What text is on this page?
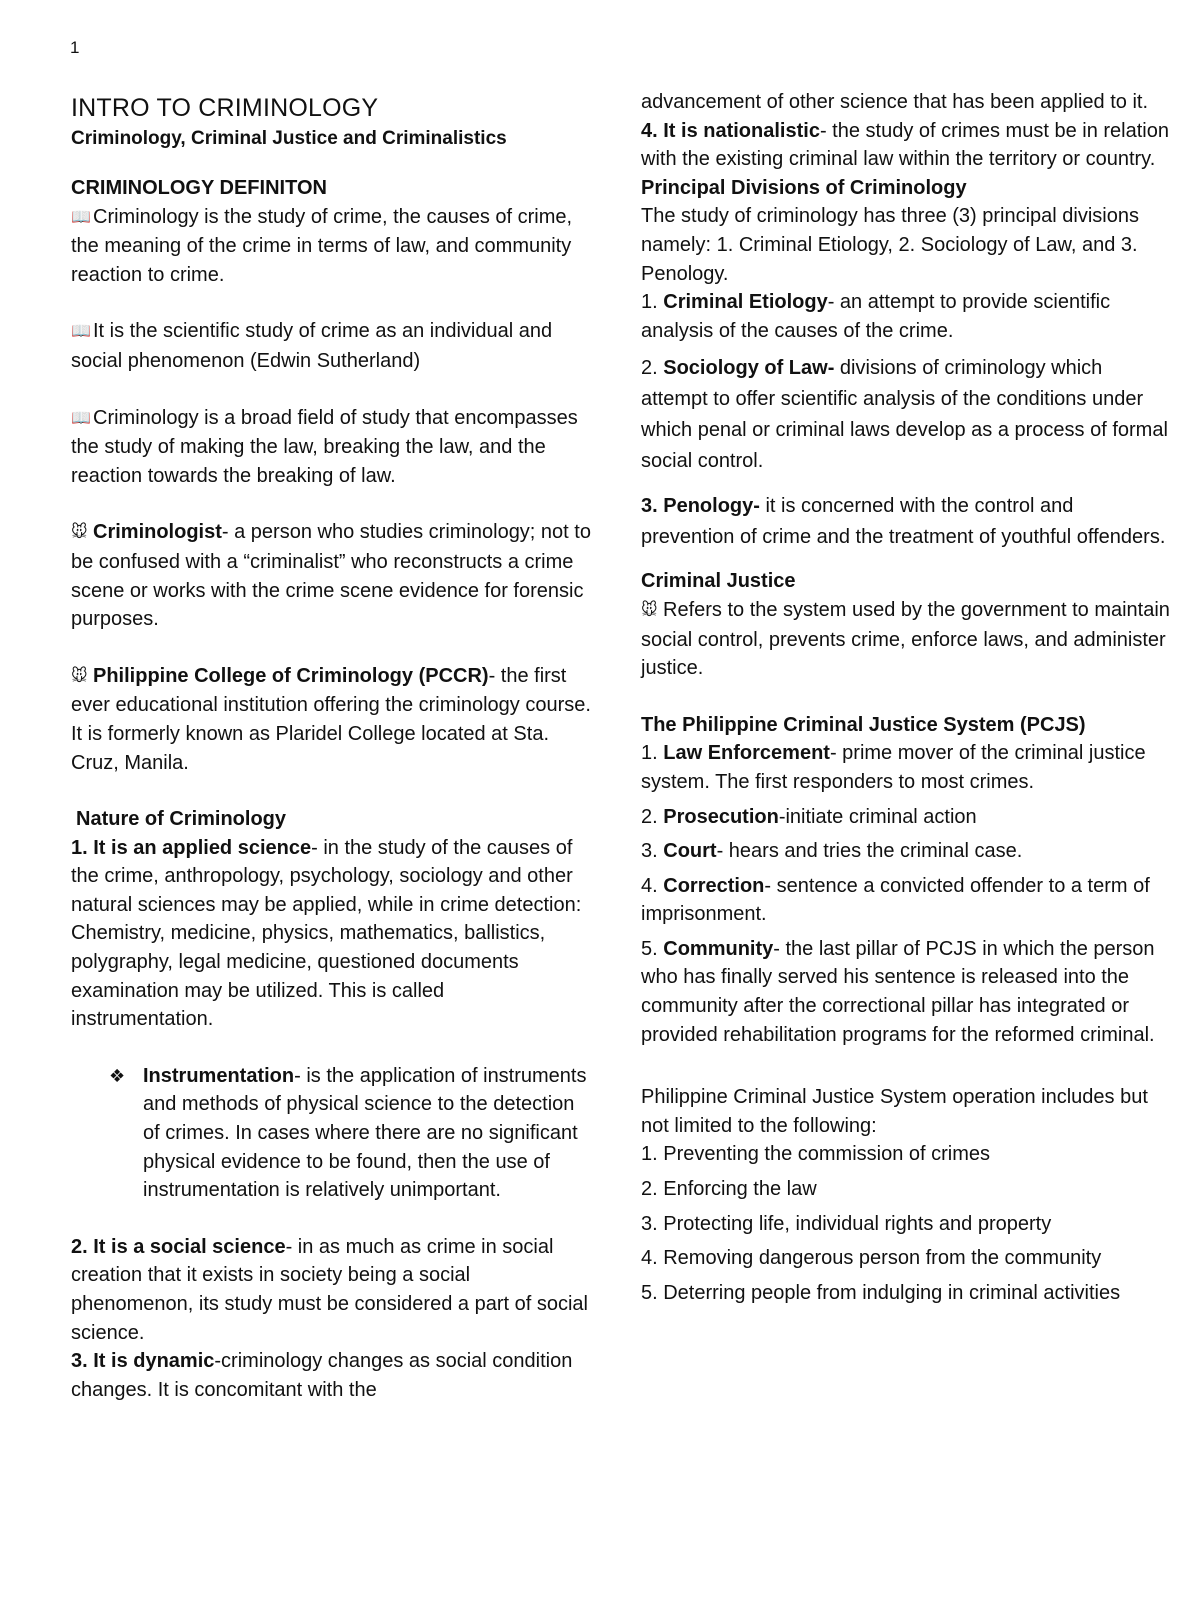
1
INTRO TO CRIMINOLOGY
Criminology, Criminal Justice and Criminalistics

CRIMINOLOGY DEFINITON

📖 Criminology is the study of crime, the causes of crime, the meaning of the crime in terms of law, and community reaction to crime.

📖 It is the scientific study of crime as an individual and social phenomenon (Edwin Sutherland)

📖 Criminology is a broad field of study that encompasses the study of making the law, breaking the law, and the reaction towards the breaking of law.

🐭 Criminologist- a person who studies criminology; not to be confused with a “criminalist” who reconstructs a crime scene or works with the crime scene evidence for forensic purposes.

🐭 Philippine College of Criminology (PCCR)- the first ever educational institution offering the criminology course. It is formerly known as Plaridel College located at Sta. Cruz, Manila.

Nature of Criminology

1. It is an applied science- in the study of the causes of the crime, anthropology, psychology, sociology and other natural sciences may be applied, while in crime detection: Chemistry, medicine, physics, mathematics, ballistics, polygraphy, legal medicine, questioned documents examination may be utilized. This is called instrumentation.

❖ Instrumentation- is the application of instruments and methods of physical science to the detection of crimes. In cases where there are no significant physical evidence to be found, then the use of instrumentation is relatively unimportant.

2. It is a social science- in as much as crime in social creation that it exists in society being a social phenomenon, its study must be considered a part of social science.

3. It is dynamic-criminology changes as social condition changes. It is concomitant with the

advancement of other science that has been applied to it.

4. It is nationalistic- the study of crimes must be in relation with the existing criminal law within the territory or country.

Principal Divisions of Criminology

The study of criminology has three (3) principal divisions namely: 1. Criminal Etiology, 2. Sociology of Law, and 3. Penology.

1. Criminal Etiology- an attempt to provide scientific analysis of the causes of the crime.

2. Sociology of Law- divisions of criminology which attempt to offer scientific analysis of the conditions under which penal or criminal laws develop as a process of formal social control.

3. Penology- it is concerned with the control and prevention of crime and the treatment of youthful offenders.

Criminal Justice

🐭 Refers to the system used by the government to maintain social control, prevents crime, enforce laws, and administer justice.

The Philippine Criminal Justice System (PCJS)

1. Law Enforcement- prime mover of the criminal justice system. The first responders to most crimes.

2. Prosecution-initiate criminal action

3. Court- hears and tries the criminal case.

4. Correction- sentence a convicted offender to a term of imprisonment.

5. Community- the last pillar of PCJS in which the person who has finally served his sentence is released into the community after the correctional pillar has integrated or provided rehabilitation programs for the reformed criminal.

Philippine Criminal Justice System operation includes but not limited to the following:

1. Preventing the commission of crimes

2. Enforcing the law

3. Protecting life, individual rights and property

4. Removing dangerous person from the community

5. Deterring people from indulging in criminal activities
